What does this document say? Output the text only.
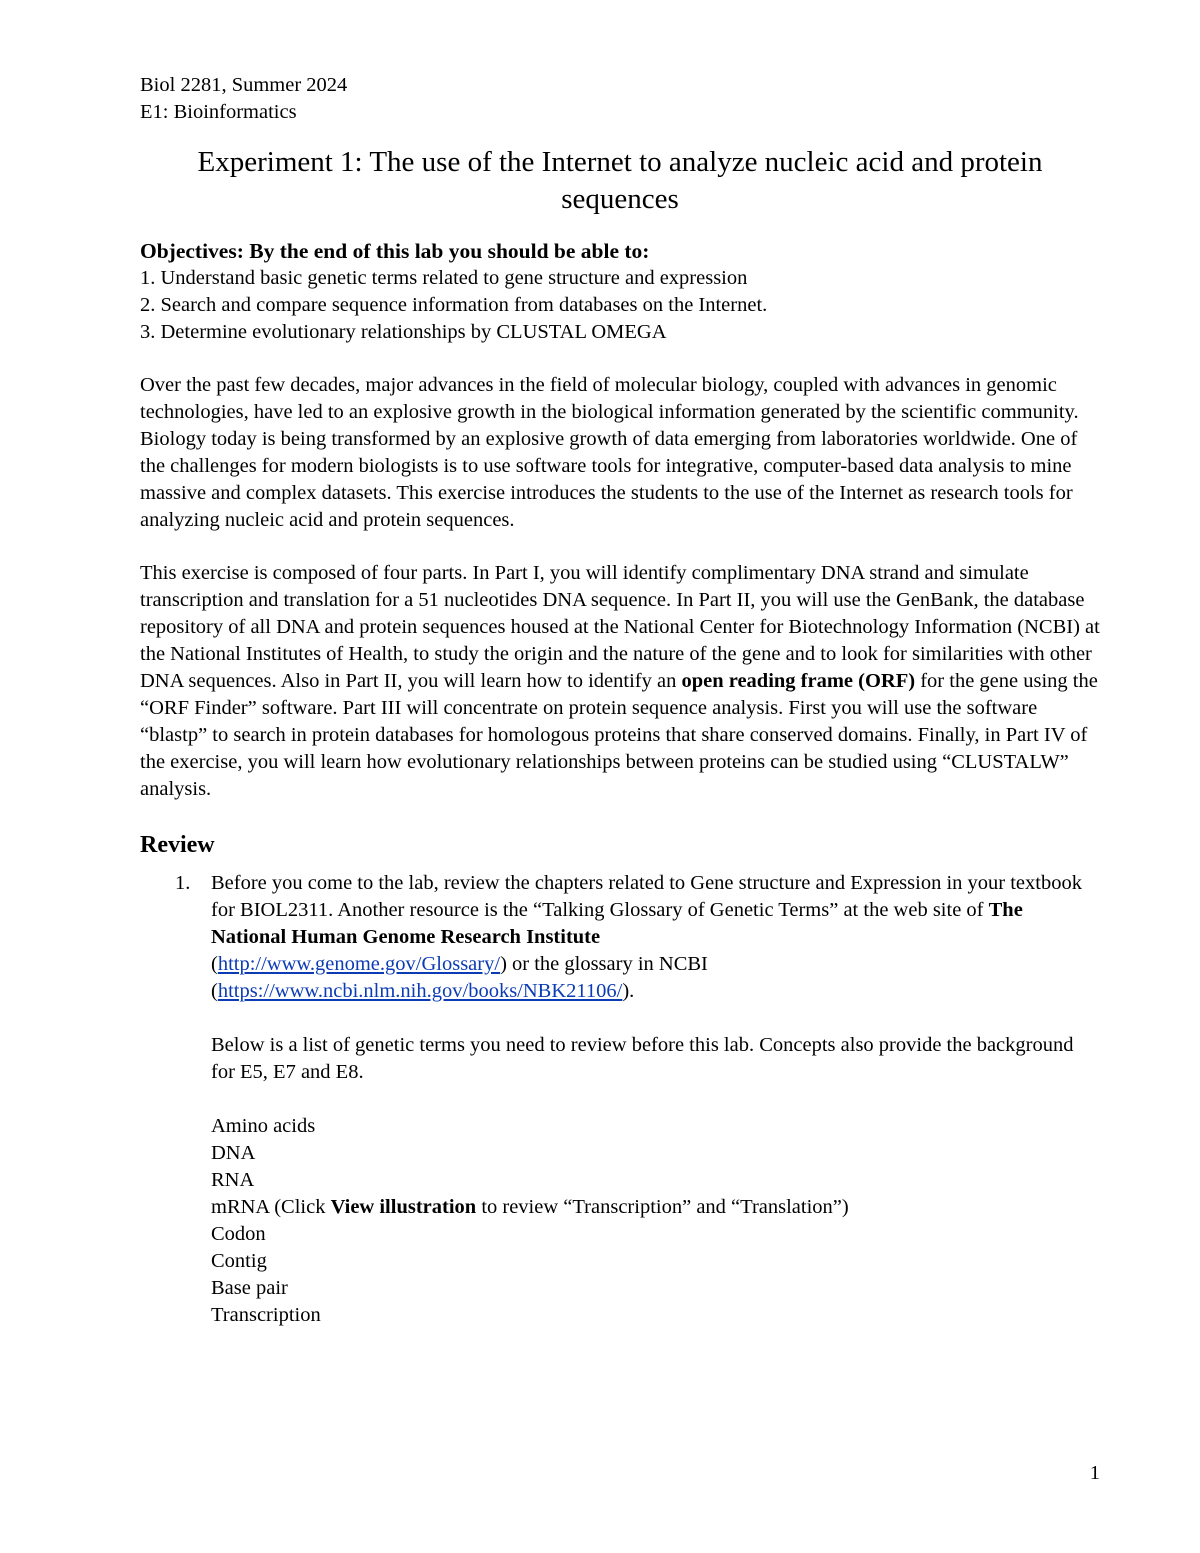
Biol 2281, Summer 2024
E1: Bioinformatics
Experiment 1: The use of the Internet to analyze nucleic acid and protein sequences
Objectives: By the end of this lab you should be able to:
1. Understand basic genetic terms related to gene structure and expression
2. Search and compare sequence information from databases on the Internet.
3. Determine evolutionary relationships by CLUSTAL OMEGA

Over the past few decades, major advances in the field of molecular biology, coupled with advances in genomic technologies, have led to an explosive growth in the biological information generated by the scientific community. Biology today is being transformed by an explosive growth of data emerging from laboratories worldwide. One of the challenges for modern biologists is to use software tools for integrative, computer-based data analysis to mine massive and complex datasets. This exercise introduces the students to the use of the Internet as research tools for analyzing nucleic acid and protein sequences.

This exercise is composed of four parts. In Part I, you will identify complimentary DNA strand and simulate transcription and translation for a 51 nucleotides DNA sequence. In Part II, you will use the GenBank, the database repository of all DNA and protein sequences housed at the National Center for Biotechnology Information (NCBI) at the National Institutes of Health, to study the origin and the nature of the gene and to look for similarities with other DNA sequences. Also in Part II, you will learn how to identify an open reading frame (ORF) for the gene using the “ORF Finder” software. Part III will concentrate on protein sequence analysis. First you will use the software “blastp” to search in protein databases for homologous proteins that share conserved domains. Finally, in Part IV of the exercise, you will learn how evolutionary relationships between proteins can be studied using “CLUSTALW” analysis.

Review
1. Before you come to the lab, review the chapters related to Gene structure and Expression in your textbook for BIOL2311. Another resource is the “Talking Glossary of Genetic Terms” at the web site of The National Human Genome Research Institute
(http://www.genome.gov/Glossary/) or the glossary in NCBI
(https://www.ncbi.nlm.nih.gov/books/NBK21106/).
Below is a list of genetic terms you need to review before this lab. Concepts also provide the background for E5, E7 and E8.
Amino acids
DNA
RNA
mRNA (Click View illustration to review “Transcription” and “Translation”)
Codon
Contig
Base pair
Transcription
1
